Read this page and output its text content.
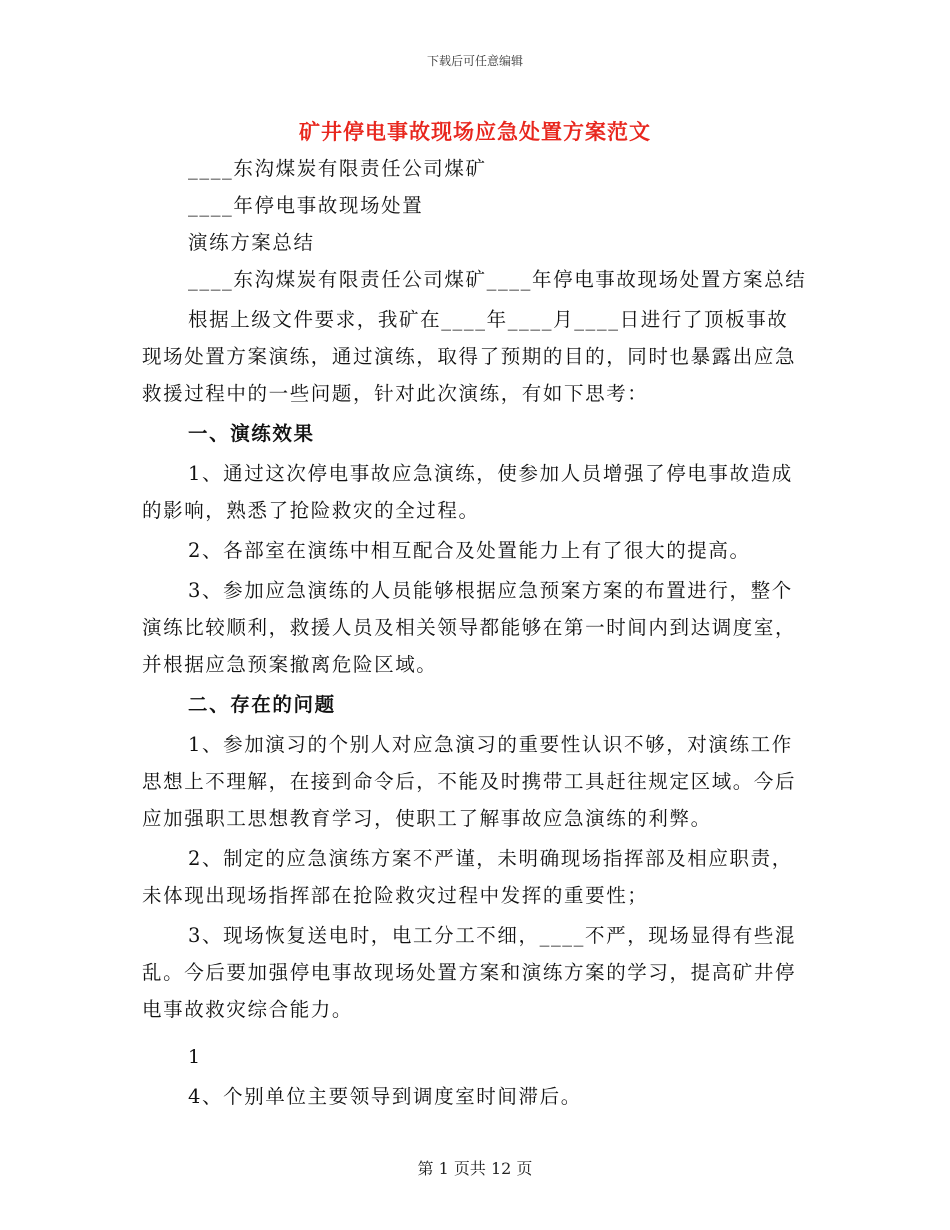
下载后可任意编辑
矿井停电事故现场应急处置方案范文

____东沟煤炭有限责任公司煤矿

____年停电事故现场处置

演练方案总结

____东沟煤炭有限责任公司煤矿____年停电事故现场处置方案总结

根据上级文件要求，我矿在____年____月____日进行了顶板事故现场处置方案演练，通过演练，取得了预期的目的，同时也暴露出应急救援过程中的一些问题，针对此次演练，有如下思考：

一、演练效果

1、通过这次停电事故应急演练，使参加人员增强了停电事故造成的影响，熟悉了抢险救灾的全过程。

2、各部室在演练中相互配合及处置能力上有了很大的提高。

3、参加应急演练的人员能够根据应急预案方案的布置进行，整个演练比较顺利，救援人员及相关领导都能够在第一时间内到达调度室，并根据应急预案撤离危险区域。

二、存在的问题

1、参加演习的个别人对应急演习的重要性认识不够，对演练工作思想上不理解，在接到命令后，不能及时携带工具赶往规定区域。今后应加强职工思想教育学习，使职工了解事故应急演练的利弊。

2、制定的应急演练方案不严谨，未明确现场指挥部及相应职责，未体现出现场指挥部在抢险救灾过程中发挥的重要性；

3、现场恢复送电时，电工分工不细，____不严，现场显得有些混乱。今后要加强停电事故现场处置方案和演练方案的学习，提高矿井停电事故救灾综合能力。

1

4、个别单位主要领导到调度室时间滞后。

第 1 页共 12 页
